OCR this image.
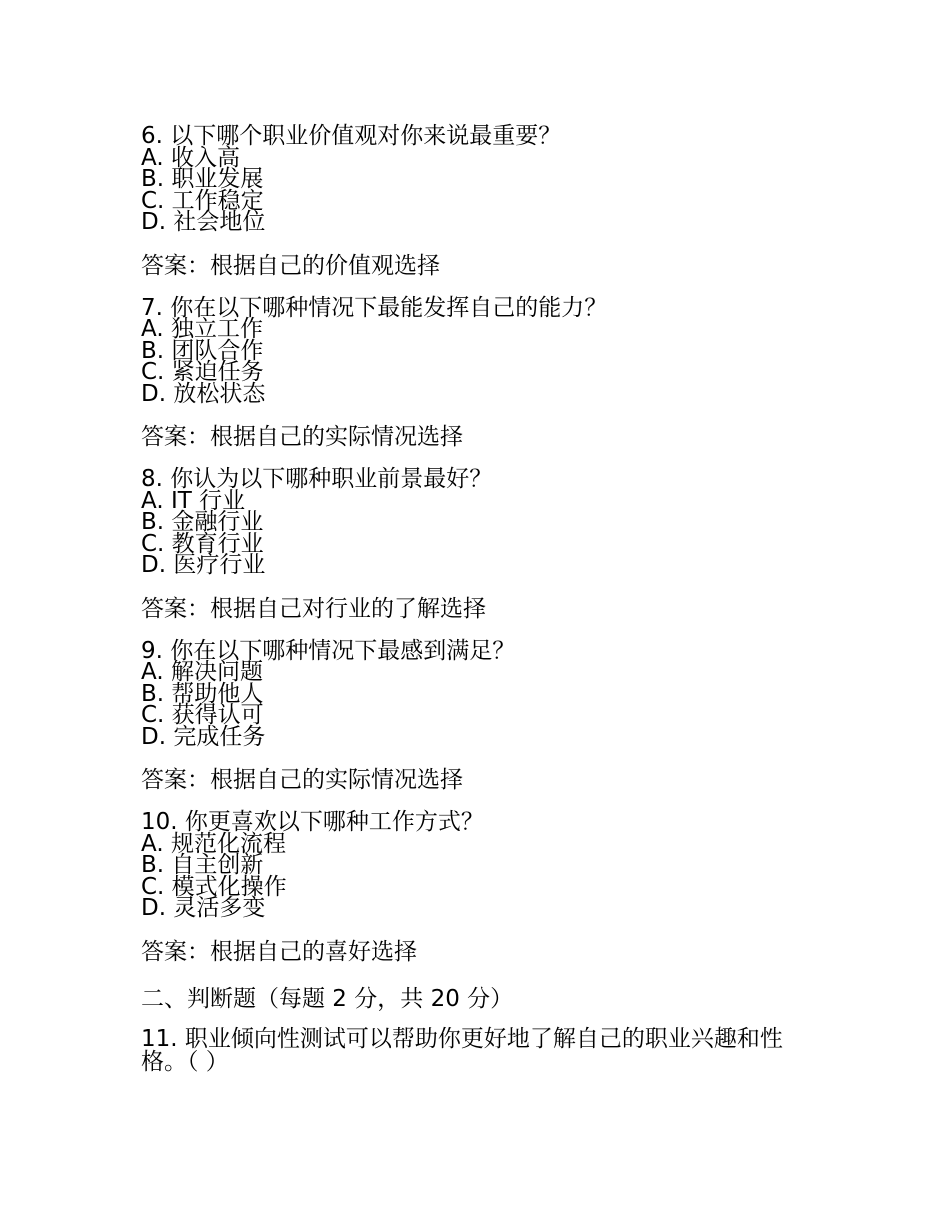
6. 以下哪个职业价值观对你来说最重要？

A. 收入高

B. 职业发展

C. 工作稳定

D. 社会地位

答案：根据自己的价值观选择

7. 你在以下哪种情况下最能发挥自己的能力？

A. 独立工作

B. 团队合作

C. 紧迫任务

D. 放松状态

答案：根据自己的实际情况选择

8. 你认为以下哪种职业前景最好？

A. IT 行业

B. 金融行业

C. 教育行业

D. 医疗行业

答案：根据自己对行业的了解选择

9. 你在以下哪种情况下最感到满足？

A. 解决问题

B. 帮助他人

C. 获得认可

D. 完成任务

答案：根据自己的实际情况选择

10. 你更喜欢以下哪种工作方式？

A. 规范化流程

B. 自主创新

C. 模式化操作

D. 灵活多变

答案：根据自己的喜好选择

二、判断题（每题 2 分，共 20 分）

11. 职业倾向性测试可以帮助你更好地了解自己的职业兴趣和性格。（ ）
